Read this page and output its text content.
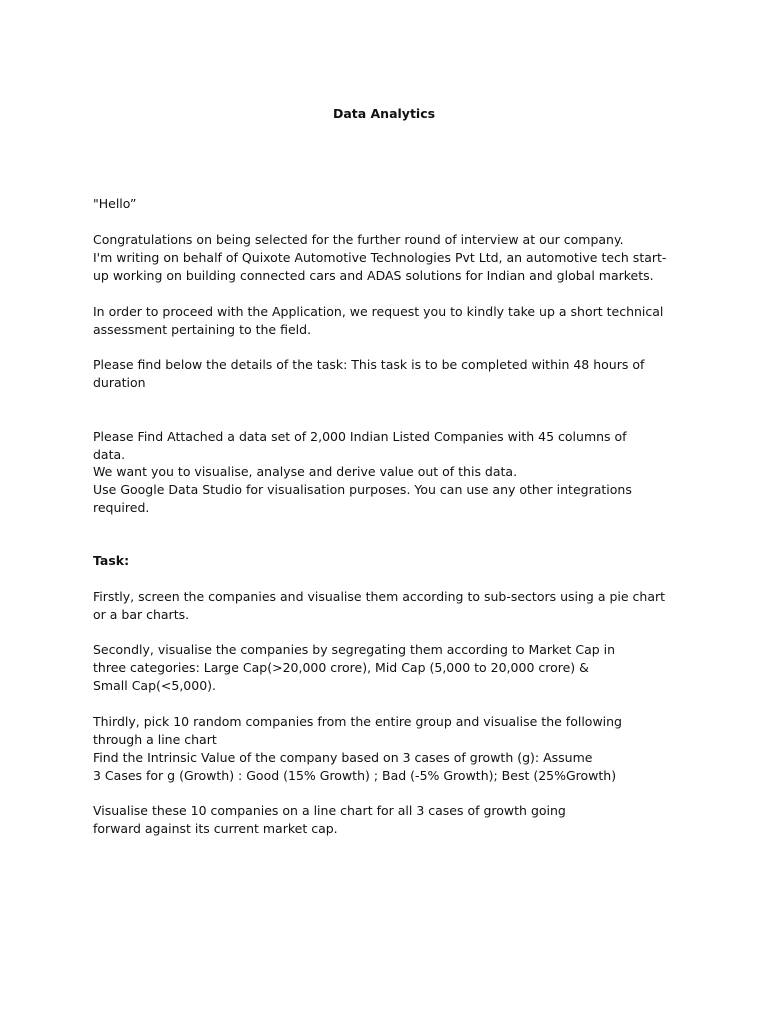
Data Analytics
"Hello”
Congratulations on being selected for the further round of interview at our company.
I'm writing on behalf of Quixote Automotive Technologies Pvt Ltd, an automotive tech start-
up working on building connected cars and ADAS solutions for Indian and global markets.
In order to proceed with the Application, we request you to kindly take up a short technical
assessment pertaining to the field.
Please find below the details of the task: This task is to be completed within 48 hours of
duration
Please Find Attached a data set of 2,000 Indian Listed Companies with 45 columns of
data.
We want you to visualise, analyse and derive value out of this data.
Use Google Data Studio for visualisation purposes. You can use any other integrations
required.
Task:
Firstly, screen the companies and visualise them according to sub-sectors using a pie chart
or a bar charts.
Secondly, visualise the companies by segregating them according to Market Cap in
three categories: Large Cap(>20,000 crore), Mid Cap (5,000 to 20,000 crore) &
Small Cap(<5,000).
Thirdly, pick 10 random companies from the entire group and visualise the following
through a line chart
Find the Intrinsic Value of the company based on 3 cases of growth (g): Assume
3 Cases for g (Growth) : Good (15% Growth) ; Bad (-5% Growth); Best (25%Growth)
Visualise these 10 companies on a line chart for all 3 cases of growth going
forward against its current market cap.
